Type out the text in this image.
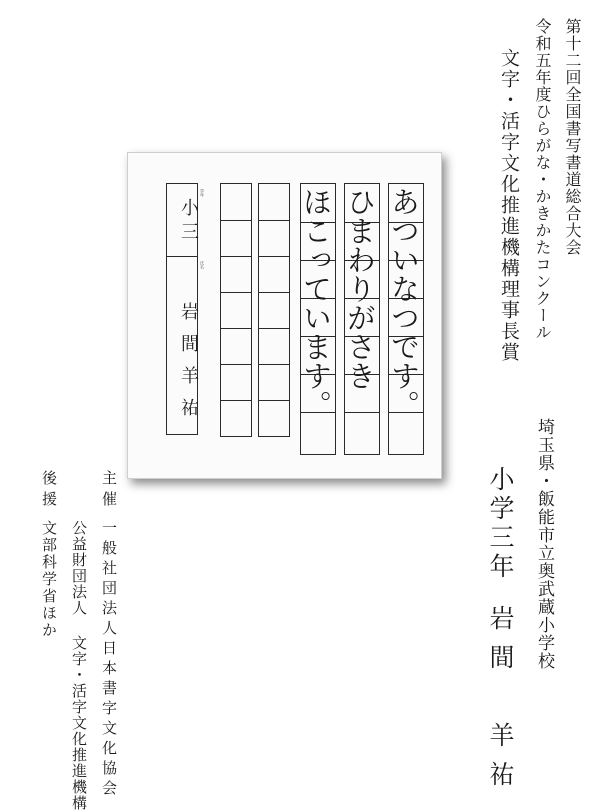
第十二回全国書写書道総合大会
令和五年度ひらがな・かきかたコンクール
文字・活字文化推進機構理事長賞
あついなつです。
ひまわりがさき
ほこっています。
学年
氏名
小三
岩間羊祐
埼玉県・飯能市立奥武蔵小学校
小学三年
岩間　羊祐
主催
一般社団法人日本書字文化協会
公益財団法人 文字・活字文化推進機構
後援
文部科学省ほか
